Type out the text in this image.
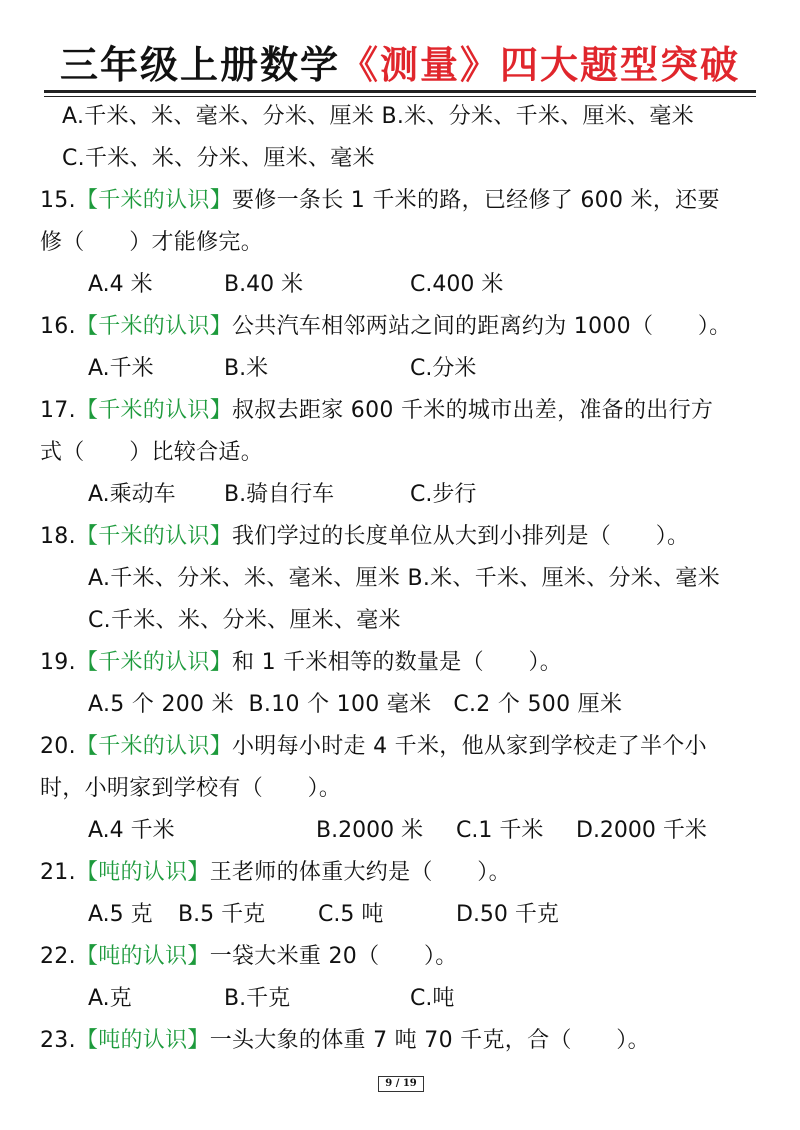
三年级上册数学《测量》四大题型突破
A.千米、米、毫米、分米、厘米 B.米、分米、千米、厘米、毫米
C.千米、米、分米、厘米、毫米
15.【千米的认识】要修一条长 1 千米的路，已经修了 600 米，还要
修（　　）才能修完。
A.4 米	B.40 米	C.400 米
16.【千米的认识】公共汽车相邻两站之间的距离约为 1000（　　）。
A.千米	B.米	C.分米
17.【千米的认识】叔叔去距家 600 千米的城市出差，准备的出行方
式（　　）比较合适。
A.乘动车 B.骑自行车	C.步行
18.【千米的认识】我们学过的长度单位从大到小排列是（　　）。
A.千米、分米、米、毫米、厘米 B.米、千米、厘米、分米、毫米
C.千米、米、分米、厘米、毫米
19.【千米的认识】和 1 千米相等的数量是（　　）。
A.5 个 200 米  B.10 个 100 毫米   C.2 个 500 厘米
20.【千米的认识】小明每小时走 4 千米，他从家到学校走了半个小
时，小明家到学校有（　　）。
A.4 千米	B.2000 米 C.1 千米 D.2000 千米
21.【吨的认识】王老师的体重大约是（　　）。
A.5 克 B.5 千克 C.5 吨	D.50 千克
22.【吨的认识】一袋大米重 20（　　）。
A.克	B.千克	C.吨
23.【吨的认识】一头大象的体重 7 吨 70 千克，合（　　）。
9 / 19
